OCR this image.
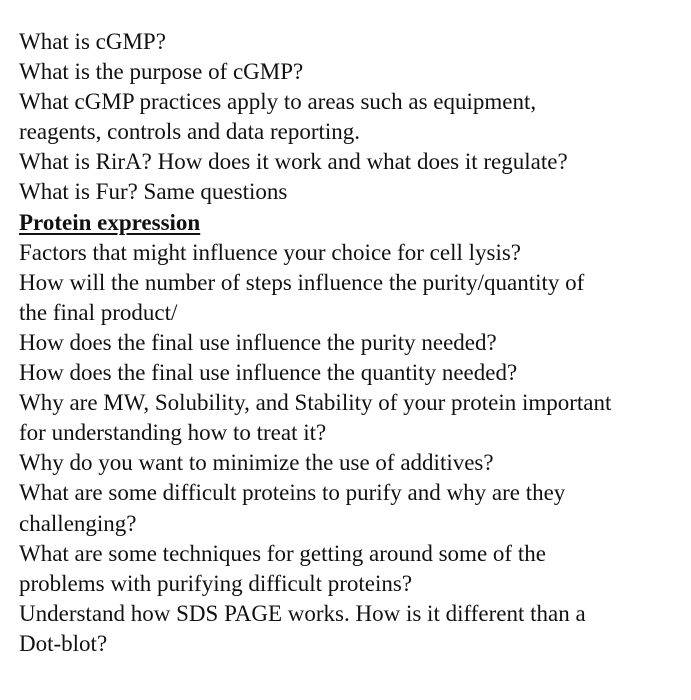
What is cGMP?
What is the purpose of cGMP?
What cGMP practices apply to areas such as equipment,
reagents, controls and data reporting.
What is RirA? How does it work and what does it regulate?
What is Fur? Same questions
Protein expression
Factors that might influence your choice for cell lysis?
How will the number of steps influence the purity/quantity of
the final product/
How does the final use influence the purity needed?
How does the final use influence the quantity needed?
Why are MW, Solubility, and Stability of your protein important
for understanding how to treat it?
Why do you want to minimize the use of additives?
What are some difficult proteins to purify and why are they
challenging?
What are some techniques for getting around some of the
problems with purifying difficult proteins?
Understand how SDS PAGE works. How is it different than a
Dot-blot?
